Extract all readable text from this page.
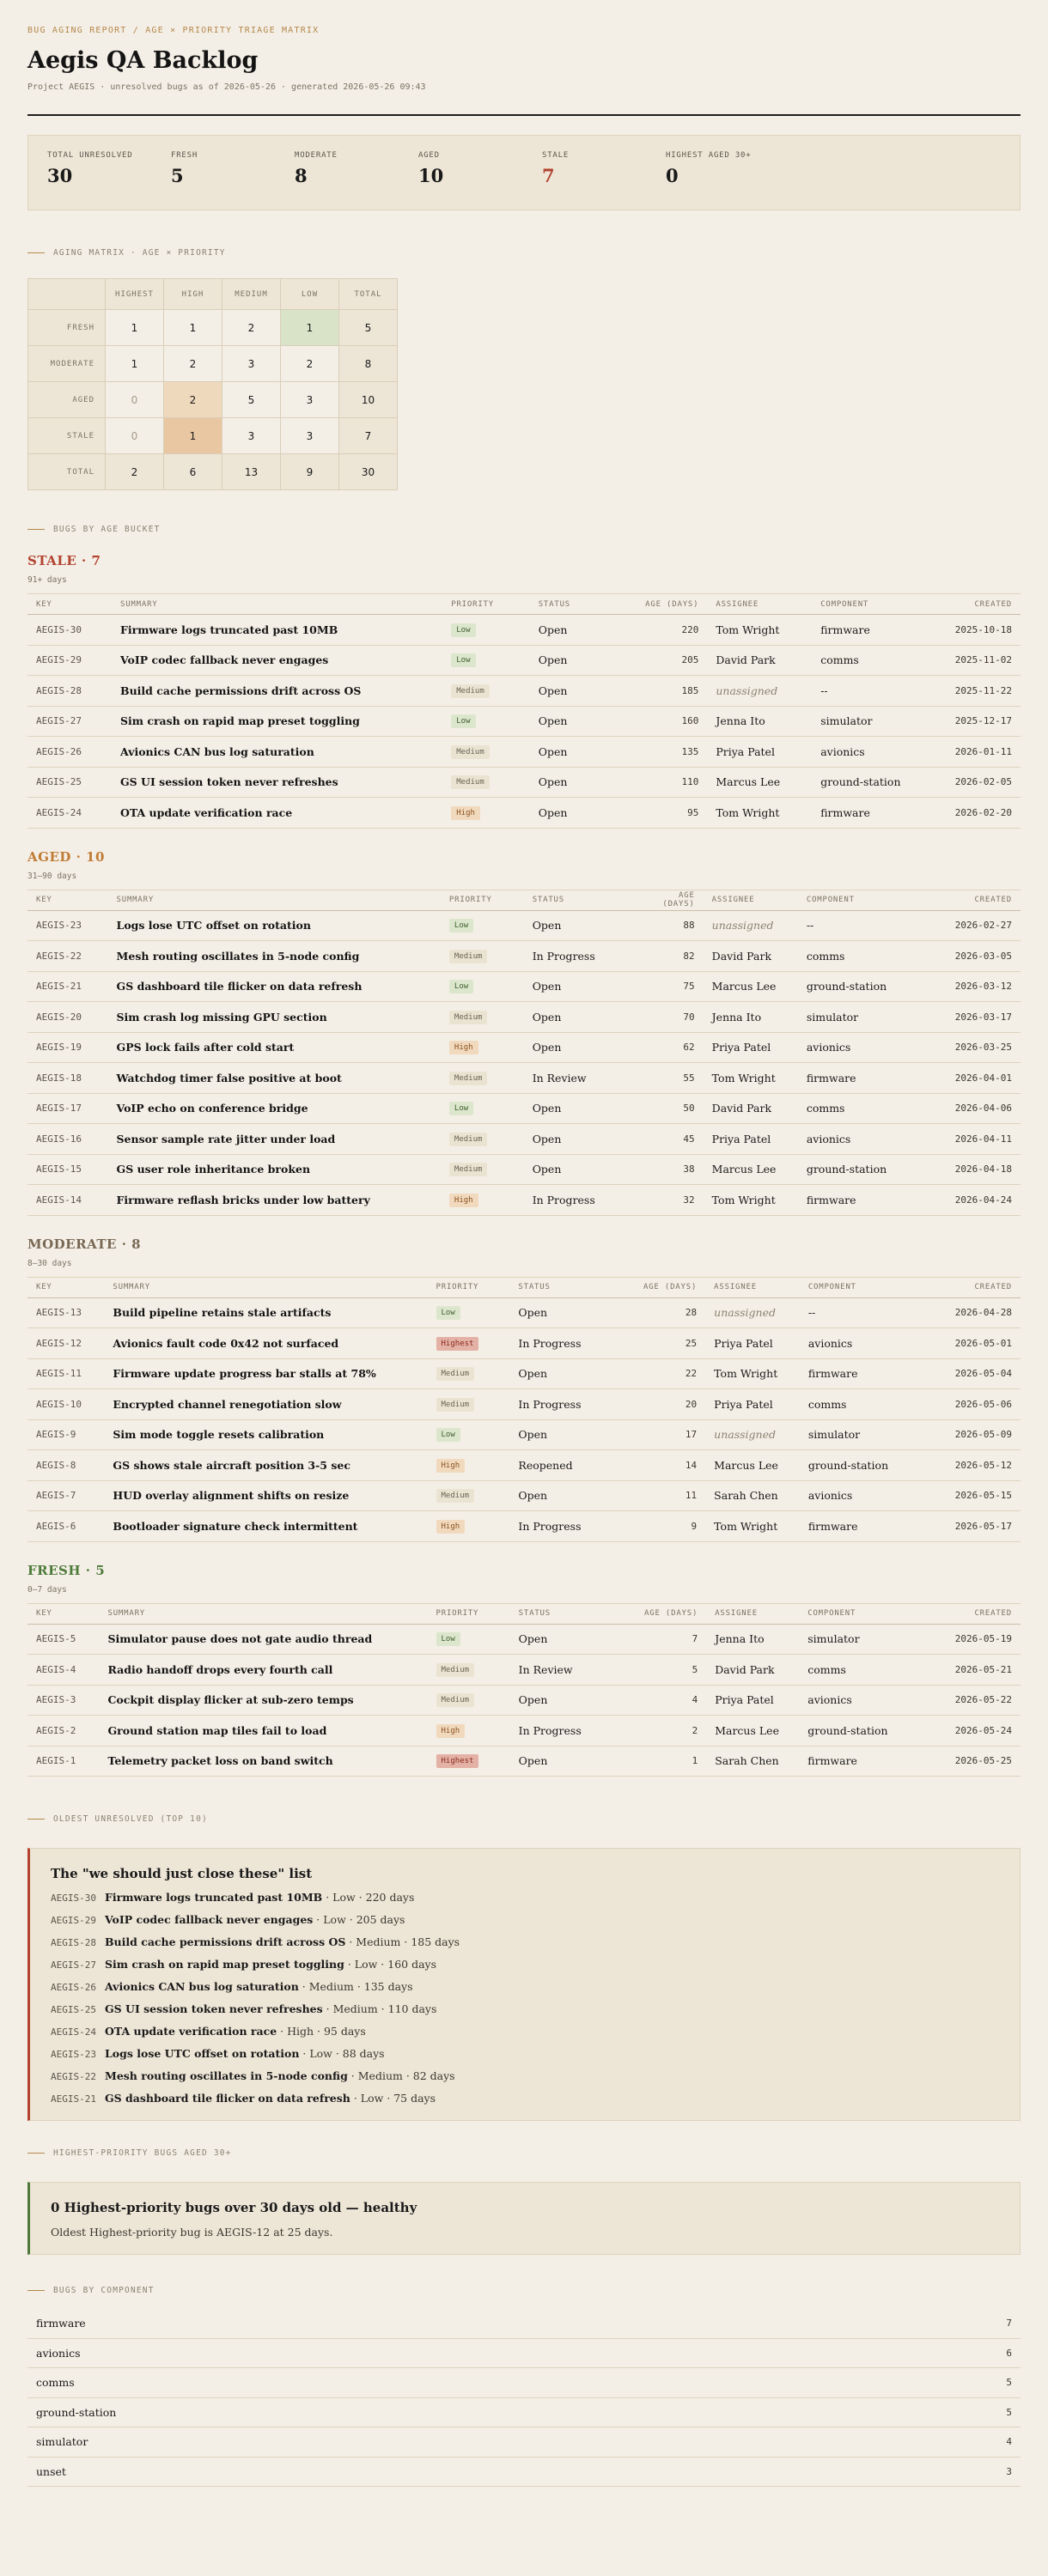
BUG AGING REPORT / AGE × PRIORITY TRIAGE MATRIX
Aegis QA Backlog
Project AEGIS · unresolved bugs as of 2026-05-26 · generated 2026-05-26 09:43
TOTAL UNRESOLVED
30
FRESH
5
MODERATE
8
AGED
10
STALE
7
HIGHEST AGED 30+
0
AGING MATRIX · AGE × PRIORITY
	HIGHEST	HIGH	MEDIUM	LOW	TOTAL
FRESH	1	1	2	1	5
MODERATE	1	2	3	2	8
AGED	0	2	5	3	10
STALE	0	1	3	3	7
TOTAL	2	6	13	9	30
BUGS BY AGE BUCKET
STALE · 7
91+ days
KEY	SUMMARY	PRIORITY	STATUS	AGE (DAYS)	ASSIGNEE	COMPONENT	CREATED
AEGIS-30	Firmware logs truncated past 10MB	Low	Open	220	Tom Wright	firmware	2025-10-18
AEGIS-29	VoIP codec fallback never engages	Low	Open	205	David Park	comms	2025-11-02
AEGIS-28	Build cache permissions drift across OS	Medium	Open	185	unassigned	--	2025-11-22
AEGIS-27	Sim crash on rapid map preset toggling	Low	Open	160	Jenna Ito	simulator	2025-12-17
AEGIS-26	Avionics CAN bus log saturation	Medium	Open	135	Priya Patel	avionics	2026-01-11
AEGIS-25	GS UI session token never refreshes	Medium	Open	110	Marcus Lee	ground-station	2026-02-05
AEGIS-24	OTA update verification race	High	Open	95	Tom Wright	firmware	2026-02-20
AGED · 10
31–90 days
KEY	SUMMARY	PRIORITY	STATUS	AGE (DAYS)	ASSIGNEE	COMPONENT	CREATED
AEGIS-23	Logs lose UTC offset on rotation	Low	Open	88	unassigned	--	2026-02-27
AEGIS-22	Mesh routing oscillates in 5-node config	Medium	In Progress	82	David Park	comms	2026-03-05
AEGIS-21	GS dashboard tile flicker on data refresh	Low	Open	75	Marcus Lee	ground-station	2026-03-12
AEGIS-20	Sim crash log missing GPU section	Medium	Open	70	Jenna Ito	simulator	2026-03-17
AEGIS-19	GPS lock fails after cold start	High	Open	62	Priya Patel	avionics	2026-03-25
AEGIS-18	Watchdog timer false positive at boot	Medium	In Review	55	Tom Wright	firmware	2026-04-01
AEGIS-17	VoIP echo on conference bridge	Low	Open	50	David Park	comms	2026-04-06
AEGIS-16	Sensor sample rate jitter under load	Medium	Open	45	Priya Patel	avionics	2026-04-11
AEGIS-15	GS user role inheritance broken	Medium	Open	38	Marcus Lee	ground-station	2026-04-18
AEGIS-14	Firmware reflash bricks under low battery	High	In Progress	32	Tom Wright	firmware	2026-04-24
MODERATE · 8
8–30 days
KEY	SUMMARY	PRIORITY	STATUS	AGE (DAYS)	ASSIGNEE	COMPONENT	CREATED
AEGIS-13	Build pipeline retains stale artifacts	Low	Open	28	unassigned	--	2026-04-28
AEGIS-12	Avionics fault code 0x42 not surfaced	Highest	In Progress	25	Priya Patel	avionics	2026-05-01
AEGIS-11	Firmware update progress bar stalls at 78%	Medium	Open	22	Tom Wright	firmware	2026-05-04
AEGIS-10	Encrypted channel renegotiation slow	Medium	In Progress	20	Priya Patel	comms	2026-05-06
AEGIS-9	Sim mode toggle resets calibration	Low	Open	17	unassigned	simulator	2026-05-09
AEGIS-8	GS shows stale aircraft position 3-5 sec	High	Reopened	14	Marcus Lee	ground-station	2026-05-12
AEGIS-7	HUD overlay alignment shifts on resize	Medium	Open	11	Sarah Chen	avionics	2026-05-15
AEGIS-6	Bootloader signature check intermittent	High	In Progress	9	Tom Wright	firmware	2026-05-17
FRESH · 5
0–7 days
KEY	SUMMARY	PRIORITY	STATUS	AGE (DAYS)	ASSIGNEE	COMPONENT	CREATED
AEGIS-5	Simulator pause does not gate audio thread	Low	Open	7	Jenna Ito	simulator	2026-05-19
AEGIS-4	Radio handoff drops every fourth call	Medium	In Review	5	David Park	comms	2026-05-21
AEGIS-3	Cockpit display flicker at sub-zero temps	Medium	Open	4	Priya Patel	avionics	2026-05-22
AEGIS-2	Ground station map tiles fail to load	High	In Progress	2	Marcus Lee	ground-station	2026-05-24
AEGIS-1	Telemetry packet loss on band switch	Highest	Open	1	Sarah Chen	firmware	2026-05-25
OLDEST UNRESOLVED (TOP 10)
The "we should just close these" list
AEGIS-30 Firmware logs truncated past 10MB · Low · 220 days
AEGIS-29 VoIP codec fallback never engages · Low · 205 days
AEGIS-28 Build cache permissions drift across OS · Medium · 185 days
AEGIS-27 Sim crash on rapid map preset toggling · Low · 160 days
AEGIS-26 Avionics CAN bus log saturation · Medium · 135 days
AEGIS-25 GS UI session token never refreshes · Medium · 110 days
AEGIS-24 OTA update verification race · High · 95 days
AEGIS-23 Logs lose UTC offset on rotation · Low · 88 days
AEGIS-22 Mesh routing oscillates in 5-node config · Medium · 82 days
AEGIS-21 GS dashboard tile flicker on data refresh · Low · 75 days
HIGHEST-PRIORITY BUGS AGED 30+
0 Highest-priority bugs over 30 days old — healthy
Oldest Highest-priority bug is AEGIS-12 at 25 days.
BUGS BY COMPONENT
firmware	7
avionics	6
comms	5
ground-station	5
simulator	4
unset	3
